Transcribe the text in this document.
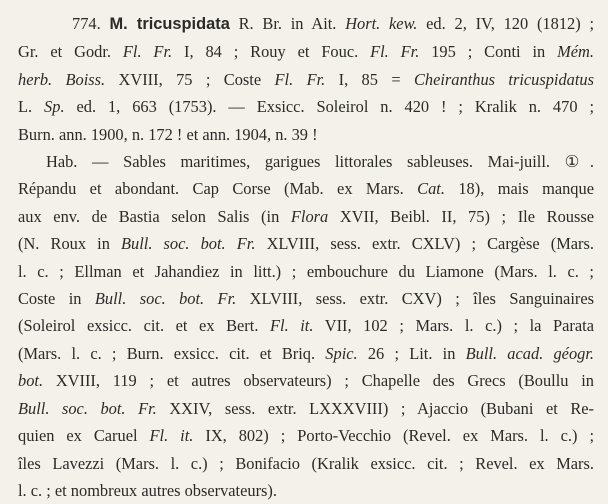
774. M. tricuspidata R. Br. in Ait. Hort. kew. ed. 2, IV, 120 (1812) ;
Gr. et Godr. Fl. Fr. I, 84 ; Rouy et Fouc. Fl. Fr. 195 ; Conti in Mém.
herb. Boiss. XVIII, 75 ; Coste Fl. Fr. I, 85 = Cheiranthus tricuspidatus
L. Sp. ed. 1, 663 (1753). — Exsicc. Soleirol n. 420 ! ; Kralik n. 470 ;
Burn. ann. 1900, n. 172 ! et ann. 1904, n. 39 !
Hab. — Sables maritimes, garigues littorales sableuses. Mai-juill. ①.
Répandu et abondant. Cap Corse (Mab. ex Mars. Cat. 18), mais manque
aux env. de Bastia selon Salis (in Flora XVII, Beibl. II, 75) ; Ile Rousse
(N. Roux in Bull. soc. bot. Fr. XLVIII, sess. extr. CXLV) ; Cargèse (Mars.
l. c. ; Ellman et Jahandiez in litt.) ; embouchure du Liamone (Mars. l. c. ;
Coste in Bull. soc. bot. Fr. XLVIII, sess. extr. CXV) ; îles Sanguinaires
(Soleirol exsicc. cit. et ex Bert. Fl. it. VII, 102 ; Mars. l. c.) ; la Parata
(Mars. l. c. ; Burn. exsicc. cit. et Briq. Spic. 26 ; Lit. in Bull. acad. géogr.
bot. XVIII, 119 ; et autres observateurs) ; Chapelle des Grecs (Boullu in
Bull. soc. bot. Fr. XXIV, sess. extr. LXXXVIII) ; Ajaccio (Bubani et Re-
quien ex Caruel Fl. it. IX, 802) ; Porto-Vecchio (Revel. ex Mars. l. c.) ;
îles Lavezzi (Mars. l. c.) ; Bonifacio (Kralik exsicc. cit. ; Revel. ex Mars.
l. c. ; et nombreux autres observateurs).
